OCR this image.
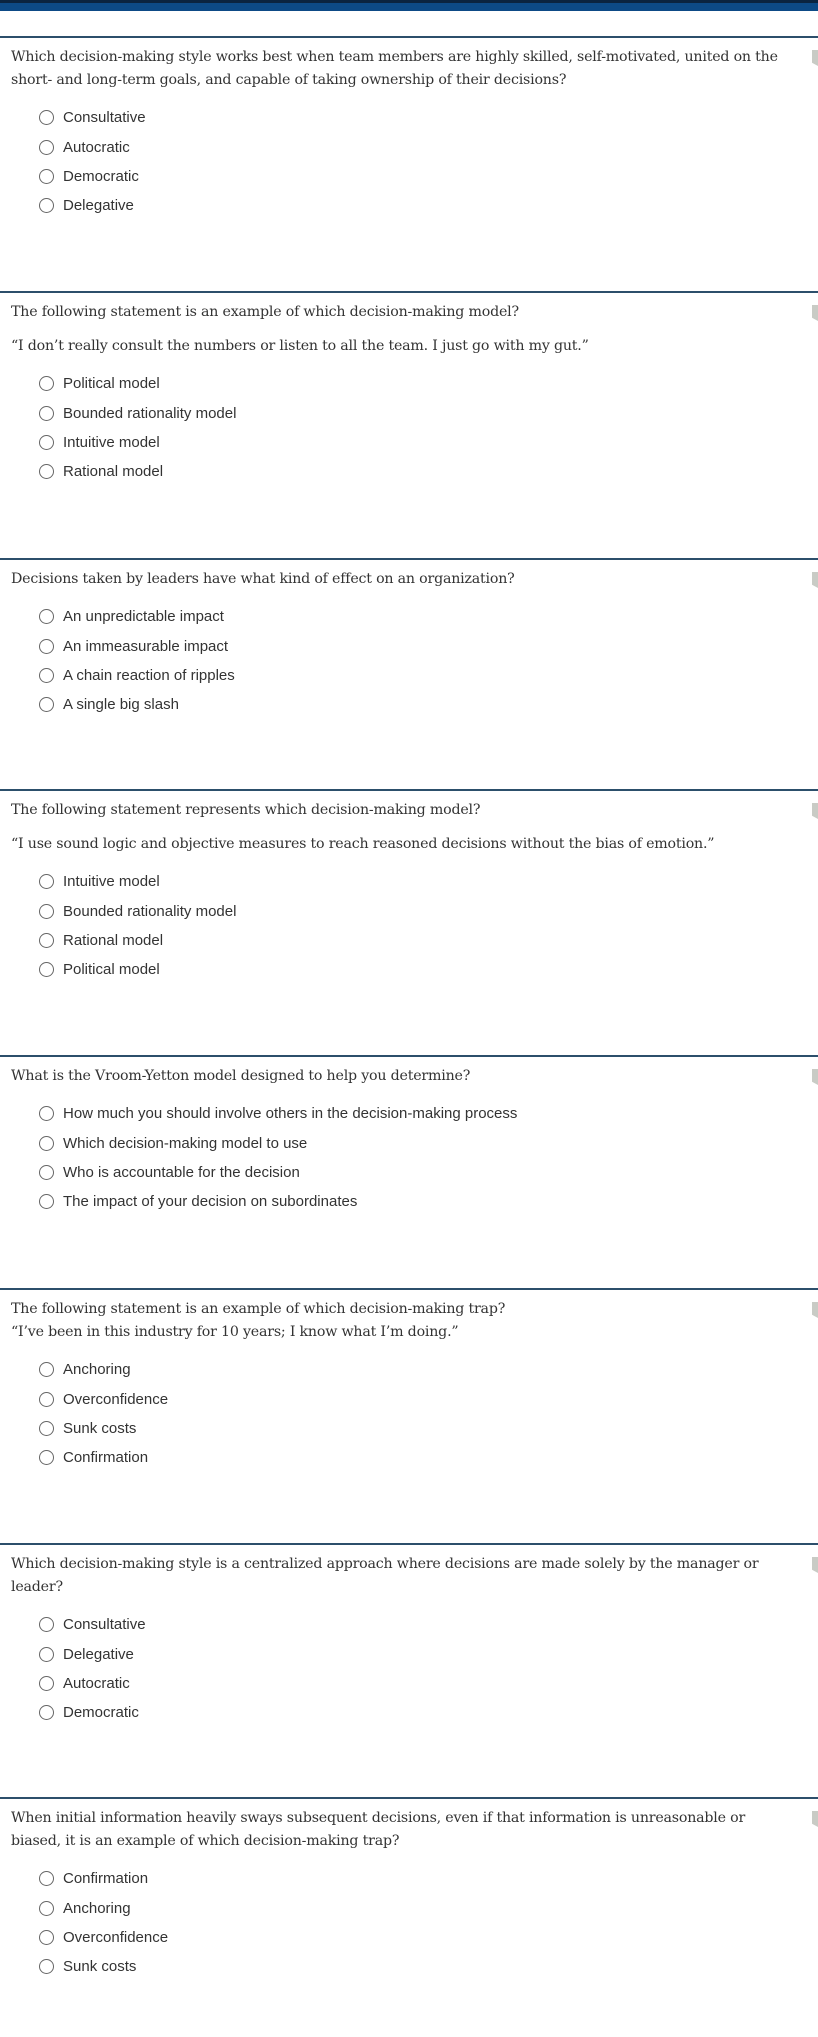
Which decision-making style works best when team members are highly skilled, self-motivated, united on the short- and long-term goals, and capable of taking ownership of their decisions?
Consultative
Autocratic
Democratic
Delegative
The following statement is an example of which decision-making model?
“I don’t really consult the numbers or listen to all the team. I just go with my gut.”
Political model
Bounded rationality model
Intuitive model
Rational model
Decisions taken by leaders have what kind of effect on an organization?
An unpredictable impact
An immeasurable impact
A chain reaction of ripples
A single big slash
The following statement represents which decision-making model?
“I use sound logic and objective measures to reach reasoned decisions without the bias of emotion.”
Intuitive model
Bounded rationality model
Rational model
Political model
What is the Vroom-Yetton model designed to help you determine?
How much you should involve others in the decision-making process
Which decision-making model to use
Who is accountable for the decision
The impact of your decision on subordinates
The following statement is an example of which decision-making trap?
“I’ve been in this industry for 10 years; I know what I’m doing.”
Anchoring
Overconfidence
Sunk costs
Confirmation
Which decision-making style is a centralized approach where decisions are made solely by the manager or leader?
Consultative
Delegative
Autocratic
Democratic
When initial information heavily sways subsequent decisions, even if that information is unreasonable or biased, it is an example of which decision-making trap?
Confirmation
Anchoring
Overconfidence
Sunk costs
